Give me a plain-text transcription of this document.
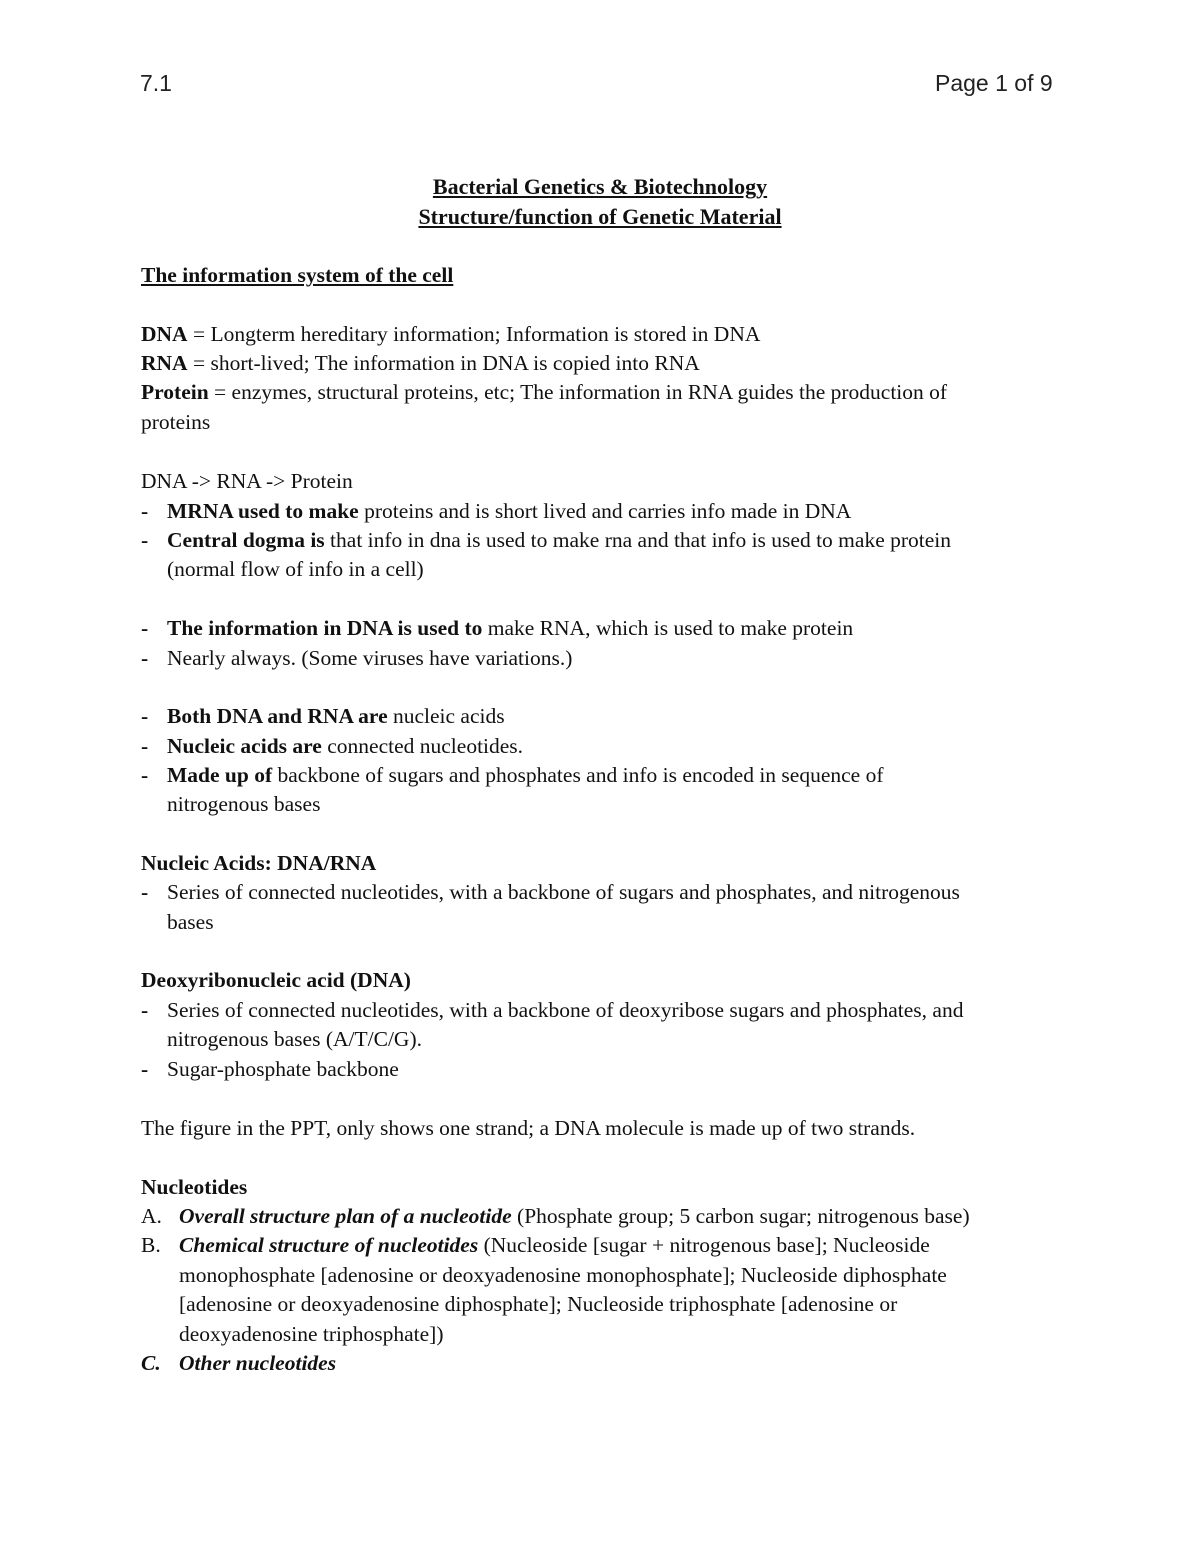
7.1	Page 1 of 9
Bacterial Genetics & Biotechnology
Structure/function of Genetic Material
The information system of the cell
DNA = Longterm hereditary information; Information is stored in DNA
RNA = short-lived; The information in DNA is copied into RNA
Protein = enzymes, structural proteins, etc; The information in RNA guides the production of
proteins
DNA -> RNA -> Protein
- MRNA used to make proteins and is short lived and carries info made in DNA
- Central dogma is that info in dna is used to make rna and that info is used to make protein
(normal flow of info in a cell)
- The information in DNA is used to make RNA, which is used to make protein
- Nearly always. (Some viruses have variations.)
- Both DNA and RNA are nucleic acids
- Nucleic acids are connected nucleotides.
- Made up of backbone of sugars and phosphates and info is encoded in sequence of
nitrogenous bases
Nucleic Acids: DNA/RNA
- Series of connected nucleotides, with a backbone of sugars and phosphates, and nitrogenous
bases
Deoxyribonucleic acid (DNA)
- Series of connected nucleotides, with a backbone of deoxyribose sugars and phosphates, and
nitrogenous bases (A/T/C/G).
- Sugar-phosphate backbone
The figure in the PPT, only shows one strand; a DNA molecule is made up of two strands.
Nucleotides
A. Overall structure plan of a nucleotide (Phosphate group; 5 carbon sugar; nitrogenous base)
B. Chemical structure of nucleotides (Nucleoside [sugar + nitrogenous base]; Nucleoside
monophosphate [adenosine or deoxyadenosine monophosphate]; Nucleoside diphosphate
[adenosine or deoxyadenosine diphosphate]; Nucleoside triphosphate [adenosine or
deoxyadenosine triphosphate])
C. Other nucleotides
